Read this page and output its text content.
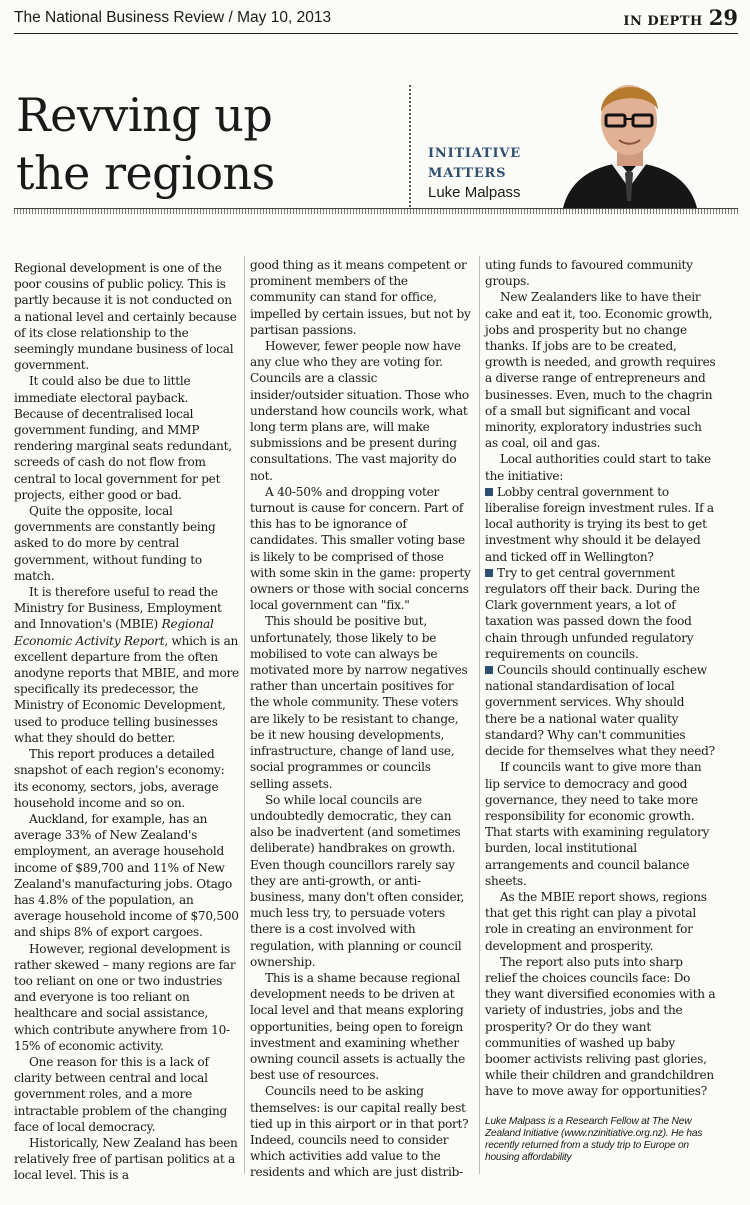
The National Business Review / May 10, 2013	IN DEPTH 29
Revving up
the regions	INITIATIVE
MATTERS
Luke Malpass

Regional development is one of the poor cousins of public policy. This is partly because it is not conducted on a national level and certainly because of its close relationship to the seemingly mundane business of local government.

It could also be due to little immediate electoral payback. Because of decentralised local government funding, and MMP rendering marginal seats redundant, screeds of cash do not flow from central to local government for pet projects, either good or bad.

Quite the opposite, local governments are constantly being asked to do more by central government, without funding to match.

It is therefore useful to read the Ministry for Business, Employment and Innovation's (MBIE) Regional Economic Activity Report, which is an excellent departure from the often anodyne reports that MBIE, and more specifically its predecessor, the Ministry of Economic Development, used to produce telling businesses what they should do better.

This report produces a detailed snapshot of each region's economy: its economy, sectors, jobs, average household income and so on.

Auckland, for example, has an average 33% of New Zealand's employment, an average household income of $89,700 and 11% of New Zealand's manufacturing jobs. Otago has 4.8% of the population, an average household income of $70,500 and ships 8% of export cargoes.

However, regional development is rather skewed – many regions are far too reliant on one or two industries and everyone is too reliant on healthcare and social assistance, which contribute anywhere from 10-15% of economic activity.

One reason for this is a lack of clarity between central and local government roles, and a more intractable problem of the changing face of local democracy.

Historically, New Zealand has been relatively free of partisan politics at a local level. This is a

good thing as it means competent or prominent members of the community can stand for office, impelled by certain issues, but not by partisan passions.

However, fewer people now have any clue who they are voting for. Councils are a classic insider/outsider situation. Those who understand how councils work, what long term plans are, will make submissions and be present during consultations. The vast majority do not.

A 40-50% and dropping voter turnout is cause for concern. Part of this has to be ignorance of candidates. This smaller voting base is likely to be comprised of those with some skin in the game: property owners or those with social concerns local government can "fix."

This should be positive but, unfortunately, those likely to be mobilised to vote can always be motivated more by narrow negatives rather than uncertain positives for the whole community. These voters are likely to be resistant to change, be it new housing developments, infrastructure, change of land use, social programmes or councils selling assets.

So while local councils are undoubtedly democratic, they can also be inadvertent (and sometimes deliberate) handbrakes on growth. Even though councillors rarely say they are anti-growth, or anti-business, many don't often consider, much less try, to persuade voters there is a cost involved with regulation, with planning or council ownership.

This is a shame because regional development needs to be driven at local level and that means exploring opportunities, being open to foreign investment and examining whether owning council assets is actually the best use of resources.

Councils need to be asking themselves: is our capital really best tied up in this airport or in that port? Indeed, councils need to consider which activities add value to the residents and which are just distrib-

uting funds to favoured community groups.

New Zealanders like to have their cake and eat it, too. Economic growth, jobs and prosperity but no change thanks. If jobs are to be created, growth is needed, and growth requires a diverse range of entrepreneurs and businesses. Even, much to the chagrin of a small but significant and vocal minority, exploratory industries such as coal, oil and gas.

Local authorities could start to take the initiative:

Lobby central government to liberalise foreign investment rules. If a local authority is trying its best to get investment why should it be delayed and ticked off in Wellington?

Try to get central government regulators off their back. During the Clark government years, a lot of taxation was passed down the food chain through unfunded regulatory requirements on councils.

Councils should continually eschew national standardisation of local government services. Why should there be a national water quality standard? Why can't communities decide for themselves what they need?

If councils want to give more than lip service to democracy and good governance, they need to take more responsibility for economic growth. That starts with examining regulatory burden, local institutional arrangements and council balance sheets.

As the MBIE report shows, regions that get this right can play a pivotal role in creating an environment for development and prosperity.

The report also puts into sharp relief the choices councils face: Do they want diversified economies with a variety of industries, jobs and the prosperity? Or do they want communities of washed up baby boomer activists reliving past glories, while their children and grandchildren have to move away for opportunities?

Luke Malpass is a Research Fellow at The New Zealand Initiative (www.nzinitiative.org.nz). He has recently returned from a study trip to Europe on housing affordability
